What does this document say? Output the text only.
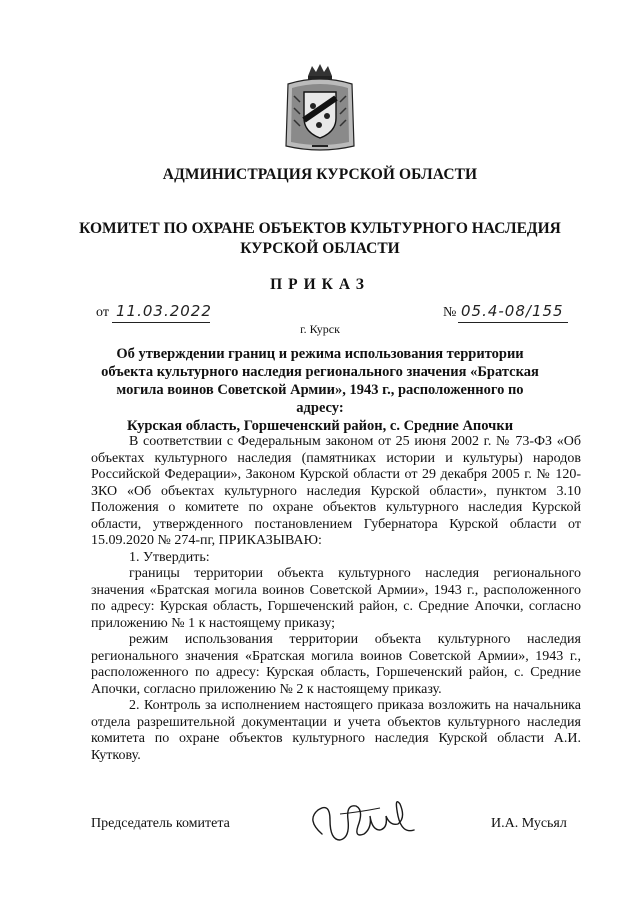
АДМИНИСТРАЦИЯ КУРСКОЙ ОБЛАСТИ
КОМИТЕТ ПО ОХРАНЕ ОБЪЕКТОВ КУЛЬТУРНОГО НАСЛЕДИЯ
КУРСКОЙ ОБЛАСТИ
ПРИКАЗ
от 11.03.2022	№ 05.4-08/155
г. Курск
Об утверждении границ и режима использования территории
объекта культурного наследия регионального значения «Братская
могила воинов Советской Армии», 1943 г., расположенного по адресу:
Курская область, Горшеченский район, с. Средние Апочки

В соответствии с Федеральным законом от 25 июня 2002 г. № 73-ФЗ «Об объектах культурного наследия (памятниках истории и культуры) народов Российской Федерации», Законом Курской области от 29 декабря 2005 г. № 120-ЗКО «Об объектах культурного наследия Курской области», пунктом 3.10 Положения о комитете по охране объектов культурного наследия Курской области, утвержденного постановлением Губернатора Курской области от 15.09.2020 № 274-пг, ПРИКАЗЫВАЮ:

1. Утвердить:

границы территории объекта культурного наследия регионального значения «Братская могила воинов Советской Армии», 1943 г., расположенного по адресу: Курская область, Горшеченский район, с. Средние Апочки, согласно приложению № 1 к настоящему приказу;

режим использования территории объекта культурного наследия регионального значения «Братская могила воинов Советской Армии», 1943 г., расположенного по адресу: Курская область, Горшеченский район, с. Средние Апочки, согласно приложению № 2 к настоящему приказу.

2. Контроль за исполнением настоящего приказа возложить на начальника отдела разрешительной документации и учета объектов культурного наследия комитета по охране объектов культурного наследия Курской области А.И. Куткову.

Председатель комитета	И.А. Мусьял
